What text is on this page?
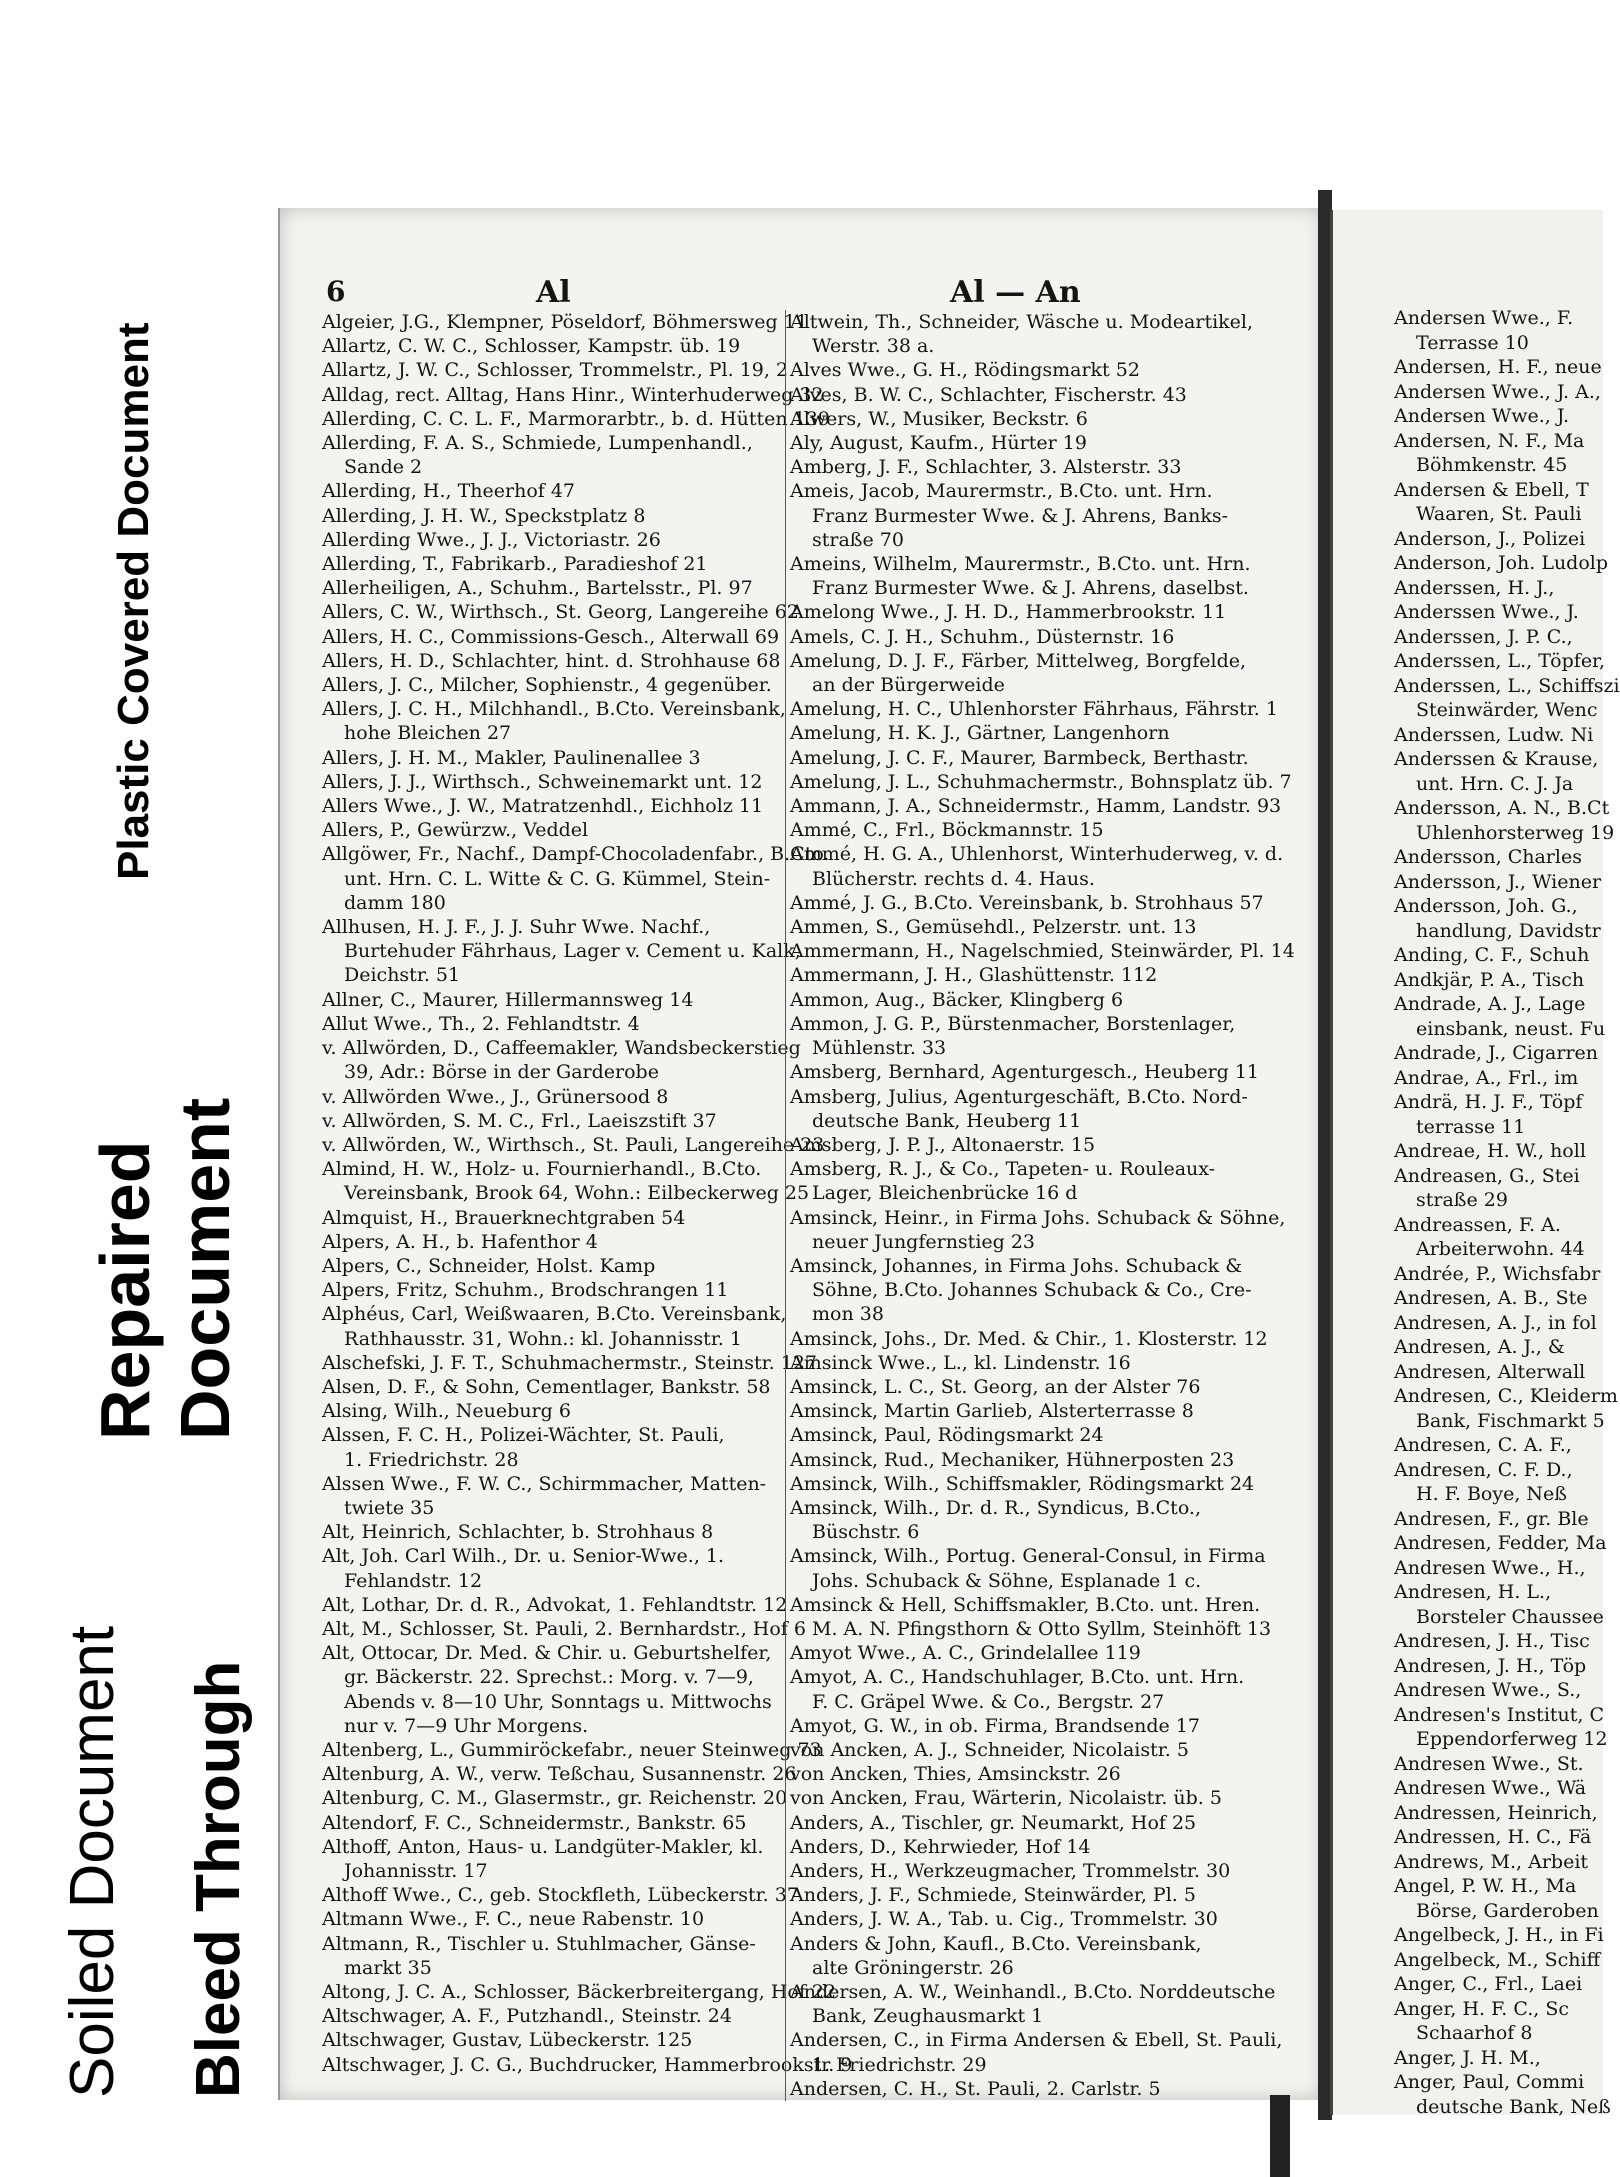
Plastic Covered Document
Repaired Document
Soiled Document Bleed Through
6	Al	Al — An
Algeier, J.G., Klempner, Pöseldorf, Böhmersweg 11
Allartz, C. W. C., Schlosser, Kampstr. üb. 19
Allartz, J. W. C., Schlosser, Trommelstr., Pl. 19, 2
Alldag, rect. Alltag, Hans Hinr., Winterhuderweg 32
Allerding, C. C. L. F., Marmorarbtr., b. d. Hütten 139
Allerding, F. A. S., Schmiede, Lumpenhandl.,
Sande 2
Allerding, H., Theerhof 47
Allerding, J. H. W., Speckstplatz 8
Allerding Wwe., J. J., Victoriastr. 26
Allerding, T., Fabrikarb., Paradieshof 21
Allerheiligen, A., Schuhm., Bartelsstr., Pl. 97
Allers, C. W., Wirthsch., St. Georg, Langereihe 62
Allers, H. C., Commissions-Gesch., Alterwall 69
Allers, H. D., Schlachter, hint. d. Strohhause 68
Allers, J. C., Milcher, Sophienstr., 4 gegenüber.
Allers, J. C. H., Milchhandl., B.Cto. Vereinsbank,
hohe Bleichen 27
Allers, J. H. M., Makler, Paulinenallee 3
Allers, J. J., Wirthsch., Schweinemarkt unt. 12
Allers Wwe., J. W., Matratzenhdl., Eichholz 11
Allers, P., Gewürzw., Veddel
Allgöwer, Fr., Nachf., Dampf-Chocoladenfabr., B.Cto.
unt. Hrn. C. L. Witte & C. G. Kümmel, Stein-
damm 180
Allhusen, H. J. F., J. J. Suhr Wwe. Nachf.,
Burtehuder Fährhaus, Lager v. Cement u. Kalk,
Deichstr. 51
Allner, C., Maurer, Hillermannsweg 14
Allut Wwe., Th., 2. Fehlandtstr. 4
v. Allwörden, D., Caffeemakler, Wandsbeckerstieg
39, Adr.: Börse in der Garderobe
v. Allwörden Wwe., J., Grünersood 8
v. Allwörden, S. M. C., Frl., Laeiszstift 37
v. Allwörden, W., Wirthsch., St. Pauli, Langereihe 23
Almind, H. W., Holz- u. Fournierhandl., B.Cto.
Vereinsbank, Brook 64, Wohn.: Eilbeckerweg 25
Almquist, H., Brauerknechtgraben 54
Alpers, A. H., b. Hafenthor 4
Alpers, C., Schneider, Holst. Kamp
Alpers, Fritz, Schuhm., Brodschrangen 11
Alphéus, Carl, Weißwaaren, B.Cto. Vereinsbank,
Rathhausstr. 31, Wohn.: kl. Johannisstr. 1
Alschefski, J. F. T., Schuhmachermstr., Steinstr. 127
Alsen, D. F., & Sohn, Cementlager, Bankstr. 58
Alsing, Wilh., Neueburg 6
Alssen, F. C. H., Polizei-Wächter, St. Pauli,
1. Friedrichstr. 28
Alssen Wwe., F. W. C., Schirmmacher, Matten-
twiete 35
Alt, Heinrich, Schlachter, b. Strohhaus 8
Alt, Joh. Carl Wilh., Dr. u. Senior-Wwe., 1.
Fehlandstr. 12
Alt, Lothar, Dr. d. R., Advokat, 1. Fehlandtstr. 12
Alt, M., Schlosser, St. Pauli, 2. Bernhardstr., Hof 6
Alt, Ottocar, Dr. Med. & Chir. u. Geburtshelfer,
gr. Bäckerstr. 22. Sprechst.: Morg. v. 7—9,
Abends v. 8—10 Uhr, Sonntags u. Mittwochs
nur v. 7—9 Uhr Morgens.
Altenberg, L., Gummiröckefabr., neuer Steinweg 73
Altenburg, A. W., verw. Teßchau, Susannenstr. 26
Altenburg, C. M., Glasermstr., gr. Reichenstr. 20
Altendorf, F. C., Schneidermstr., Bankstr. 65
Althoff, Anton, Haus- u. Landgüter-Makler, kl.
Johannisstr. 17
Althoff Wwe., C., geb. Stockfleth, Lübeckerstr. 37
Altmann Wwe., F. C., neue Rabenstr. 10
Altmann, R., Tischler u. Stuhlmacher, Gänse-
markt 35
Altong, J. C. A., Schlosser, Bäckerbreitergang, Hof 22
Altschwager, A. F., Putzhandl., Steinstr. 24
Altschwager, Gustav, Lübeckerstr. 125
Altschwager, J. C. G., Buchdrucker, Hammerbrookstr. 9
Altwein, Th., Schneider, Wäsche u. Modeartikel,
Werstr. 38 a.
Alves Wwe., G. H., Rödingsmarkt 52
Alves, B. W. C., Schlachter, Fischerstr. 43
Alwers, W., Musiker, Beckstr. 6
Aly, August, Kaufm., Hürter 19
Amberg, J. F., Schlachter, 3. Alsterstr. 33
Ameis, Jacob, Maurermstr., B.Cto. unt. Hrn.
Franz Burmester Wwe. & J. Ahrens, Banks-
straße 70
Ameins, Wilhelm, Maurermstr., B.Cto. unt. Hrn.
Franz Burmester Wwe. & J. Ahrens, daselbst.
Amelong Wwe., J. H. D., Hammerbrookstr. 11
Amels, C. J. H., Schuhm., Düsternstr. 16
Amelung, D. J. F., Färber, Mittelweg, Borgfelde,
an der Bürgerweide
Amelung, H. C., Uhlenhorster Fährhaus, Fährstr. 1
Amelung, H. K. J., Gärtner, Langenhorn
Amelung, J. C. F., Maurer, Barmbeck, Berthastr.
Amelung, J. L., Schuhmachermstr., Bohnsplatz üb. 7
Ammann, J. A., Schneidermstr., Hamm, Landstr. 93
Ammé, C., Frl., Böckmannstr. 15
Ammé, H. G. A., Uhlenhorst, Winterhuderweg, v. d.
Blücherstr. rechts d. 4. Haus.
Ammé, J. G., B.Cto. Vereinsbank, b. Strohhaus 57
Ammen, S., Gemüsehdl., Pelzerstr. unt. 13
Ammermann, H., Nagelschmied, Steinwärder, Pl. 14
Ammermann, J. H., Glashüttenstr. 112
Ammon, Aug., Bäcker, Klingberg 6
Ammon, J. G. P., Bürstenmacher, Borstenlager,
Mühlenstr. 33
Amsberg, Bernhard, Agenturgesch., Heuberg 11
Amsberg, Julius, Agenturgeschäft, B.Cto. Nord-
deutsche Bank, Heuberg 11
Amsberg, J. P. J., Altonaerstr. 15
Amsberg, R. J., & Co., Tapeten- u. Rouleaux-
Lager, Bleichenbrücke 16 d
Amsinck, Heinr., in Firma Johs. Schuback & Söhne,
neuer Jungfernstieg 23
Amsinck, Johannes, in Firma Johs. Schuback &
Söhne, B.Cto. Johannes Schuback & Co., Cre-
mon 38
Amsinck, Johs., Dr. Med. & Chir., 1. Klosterstr. 12
Amsinck Wwe., L., kl. Lindenstr. 16
Amsinck, L. C., St. Georg, an der Alster 76
Amsinck, Martin Garlieb, Alsterterrasse 8
Amsinck, Paul, Rödingsmarkt 24
Amsinck, Rud., Mechaniker, Hühnerposten 23
Amsinck, Wilh., Schiffsmakler, Rödingsmarkt 24
Amsinck, Wilh., Dr. d. R., Syndicus, B.Cto.,
Büschstr. 6
Amsinck, Wilh., Portug. General-Consul, in Firma
Johs. Schuback & Söhne, Esplanade 1 c.
Amsinck & Hell, Schiffsmakler, B.Cto. unt. Hren.
M. A. N. Pfingsthorn & Otto Syllm, Steinhöft 13
Amyot Wwe., A. C., Grindelallee 119
Amyot, A. C., Handschuhlager, B.Cto. unt. Hrn.
F. C. Gräpel Wwe. & Co., Bergstr. 27
Amyot, G. W., in ob. Firma, Brandsende 17
von Ancken, A. J., Schneider, Nicolaistr. 5
von Ancken, Thies, Amsinckstr. 26
von Ancken, Frau, Wärterin, Nicolaistr. üb. 5
Anders, A., Tischler, gr. Neumarkt, Hof 25
Anders, D., Kehrwieder, Hof 14
Anders, H., Werkzeugmacher, Trommelstr. 30
Anders, J. F., Schmiede, Steinwärder, Pl. 5
Anders, J. W. A., Tab. u. Cig., Trommelstr. 30
Anders & John, Kaufl., B.Cto. Vereinsbank,
alte Gröningerstr. 26
Andersen, A. W., Weinhandl., B.Cto. Norddeutsche
Bank, Zeughausmarkt 1
Andersen, C., in Firma Andersen & Ebell, St. Pauli,
1. Friedrichstr. 29
Andersen, C. H., St. Pauli, 2. Carlstr. 5
Andersen Wwe., F.
Terrasse 10
Andersen, H. F., neue
Andersen Wwe., J. A.,
Andersen Wwe., J.
Andersen, N. F., Ma
Böhmkenstr. 45
Andersen & Ebell, T
Waaren, St. Pauli
Anderson, J., Polizei
Anderson, Joh. Ludolp
Anderssen, H. J.,
Anderssen Wwe., J.
Anderssen, J. P. C.,
Anderssen, L., Töpfer,
Anderssen, L., Schiffszi
Steinwärder, Wenc
Anderssen, Ludw. Ni
Anderssen & Krause,
unt. Hrn. C. J. Ja
Andersson, A. N., B.Ct
Uhlenhorsterweg 19
Andersson, Charles
Andersson, J., Wiener
Andersson, Joh. G.,
handlung, Davidstr
Anding, C. F., Schuh
Andkjär, P. A., Tisch
Andrade, A. J., Lage
einsbank, neust. Fu
Andrade, J., Cigarren
Andrae, A., Frl., im
Andrä, H. J. F., Töpf
terrasse 11
Andreae, H. W., holl
Andreasen, G., Stei
straße 29
Andreassen, F. A.
Arbeiterwohn. 44
Andrée, P., Wichsfabr
Andresen, A. B., Ste
Andresen, A. J., in fol
Andresen, A. J., &
Andresen, Alterwall
Andresen, C., Kleiderm
Bank, Fischmarkt 5
Andresen, C. A. F.,
Andresen, C. F. D.,
H. F. Boye, Neß
Andresen, F., gr. Ble
Andresen, Fedder, Ma
Andresen Wwe., H.,
Andresen, H. L.,
Borsteler Chaussee
Andresen, J. H., Tisc
Andresen, J. H., Töp
Andresen Wwe., S.,
Andresen's Institut, C
Eppendorferweg 12
Andresen Wwe., St.
Andresen Wwe., Wä
Andressen, Heinrich,
Andressen, H. C., Fä
Andrews, M., Arbeit
Angel, P. W. H., Ma
Börse, Garderoben
Angelbeck, J. H., in Fi
Angelbeck, M., Schiff
Anger, C., Frl., Laei
Anger, H. F. C., Sc
Schaarhof 8
Anger, J. H. M.,
Anger, Paul, Commi
deutsche Bank, Neß
